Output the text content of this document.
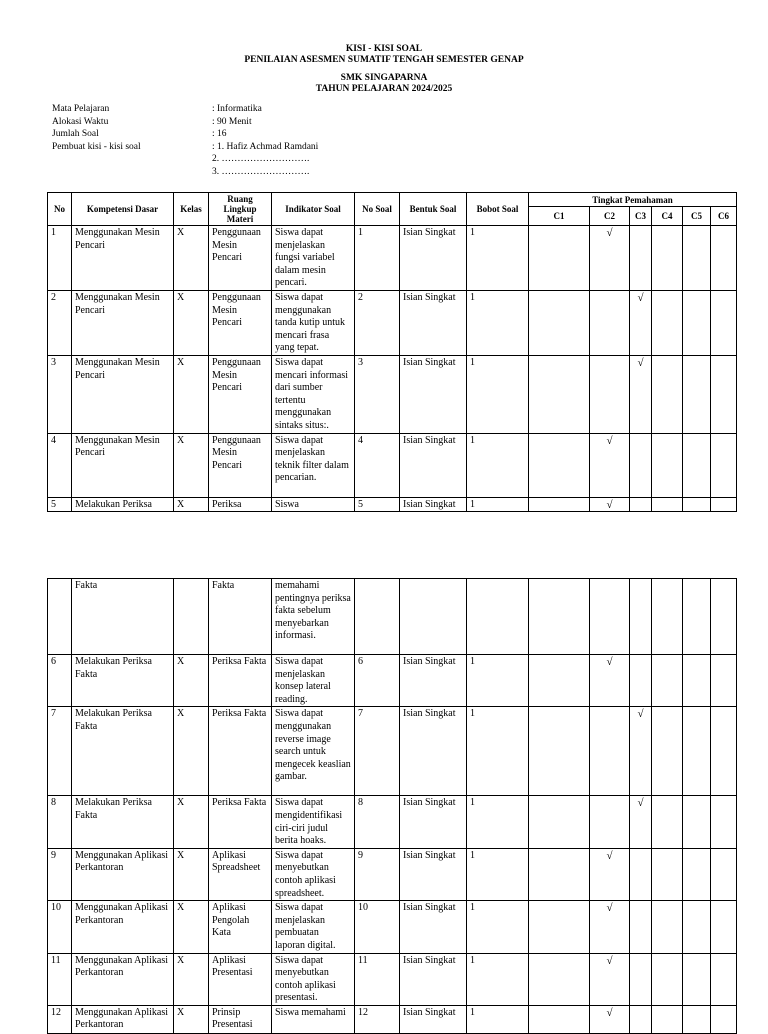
KISI - KISI SOAL
PENILAIAN ASESMEN SUMATIF TENGAH SEMESTER GENAP
SMK SINGAPARNA
TAHUN PELAJARAN 2024/2025
Mata Pelajaran	: Informatika
Alokasi Waktu	: 90 Menit
Jumlah Soal	: 16
Pembuat kisi - kisi soal	: 1. Hafiz Achmad Ramdani
2. ……………………….
3. ……………………….
No	Kompetensi Dasar	Kelas	Ruang Lingkup Materi	Indikator Soal	No Soal	Bentuk Soal	Bobot Soal	Tingkat Pemahaman					
								C1	C2	C3	C4	C5	C6
1	Menggunakan Mesin Pencari	X	Penggunaan Mesin Pencari	Siswa dapat menjelaskan fungsi variabel dalam mesin pencari.	1	Isian Singkat	1		√				
2	Menggunakan Mesin Pencari	X	Penggunaan Mesin Pencari	Siswa dapat menggunakan tanda kutip untuk mencari frasa yang tepat.	2	Isian Singkat	1			√			
3	Menggunakan Mesin Pencari	X	Penggunaan Mesin Pencari	Siswa dapat mencari informasi dari sumber tertentu menggunakan sintaks situs:.	3	Isian Singkat	1			√			
4	Menggunakan Mesin Pencari	X	Penggunaan Mesin Pencari	Siswa dapat menjelaskan teknik filter dalam pencarian.	4	Isian Singkat	1		√				
5	Melakukan Periksa	X	Periksa	Siswa	5	Isian Singkat	1		√				
	Fakta		Fakta	memahami pentingnya periksa fakta sebelum menyebarkan informasi.									
6	Melakukan Periksa Fakta	X	Periksa Fakta	Siswa dapat menjelaskan konsep lateral reading.	6	Isian Singkat	1		√				
7	Melakukan Periksa Fakta	X	Periksa Fakta	Siswa dapat menggunakan reverse image search untuk mengecek keaslian gambar.	7	Isian Singkat	1			√			
8	Melakukan Periksa Fakta	X	Periksa Fakta	Siswa dapat mengidentifikasi ciri-ciri judul berita hoaks.	8	Isian Singkat	1			√			
9	Menggunakan Aplikasi Perkantoran	X	Aplikasi Spreadsheet	Siswa dapat menyebutkan contoh aplikasi spreadsheet.	9	Isian Singkat	1		√				
10	Menggunakan Aplikasi Perkantoran	X	Aplikasi Pengolah Kata	Siswa dapat menjelaskan pembuatan laporan digital.	10	Isian Singkat	1		√				
11	Menggunakan Aplikasi Perkantoran	X	Aplikasi Presentasi	Siswa dapat menyebutkan contoh aplikasi presentasi.	11	Isian Singkat	1		√				
12	Menggunakan Aplikasi Perkantoran	X	Prinsip Presentasi	Siswa memahami	12	Isian Singkat	1		√				
